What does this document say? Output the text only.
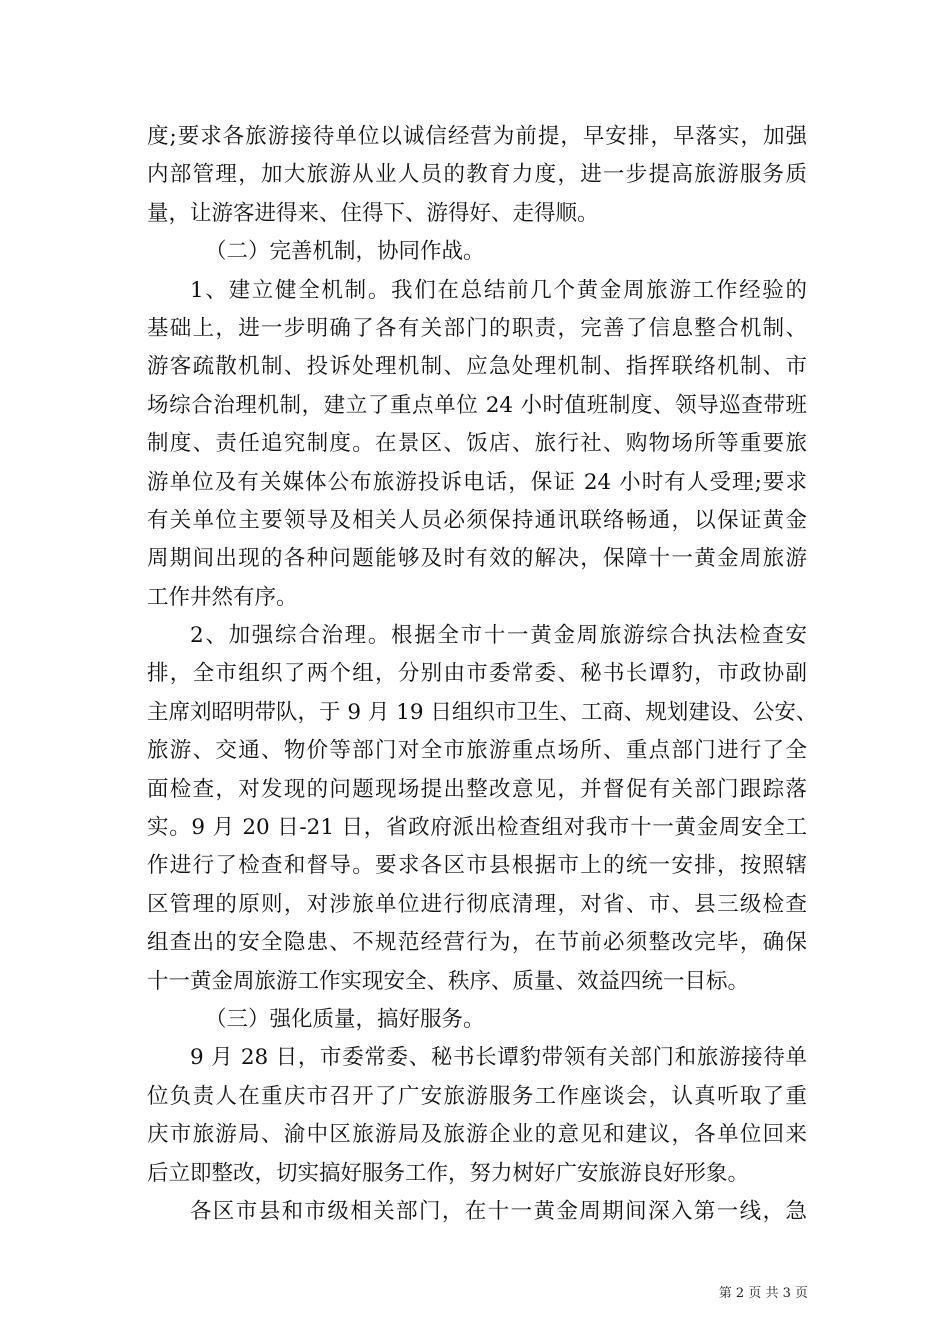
度;要求各旅游接待单位以诚信经营为前提，早安排，早落实，加强
内部管理，加大旅游从业人员的教育力度，进一步提高旅游服务质
量，让游客进得来、住得下、游得好、走得顺。
（二）完善机制，协同作战。
1、建立健全机制。我们在总结前几个黄金周旅游工作经验的
基础上，进一步明确了各有关部门的职责，完善了信息整合机制、
游客疏散机制、投诉处理机制、应急处理机制、指挥联络机制、市
场综合治理机制，建立了重点单位 24 小时值班制度、领导巡查带班
制度、责任追究制度。在景区、饭店、旅行社、购物场所等重要旅
游单位及有关媒体公布旅游投诉电话，保证 24 小时有人受理;要求
有关单位主要领导及相关人员必须保持通讯联络畅通，以保证黄金
周期间出现的各种问题能够及时有效的解决，保障十一黄金周旅游
工作井然有序。
2、加强综合治理。根据全市十一黄金周旅游综合执法检查安
排，全市组织了两个组，分别由市委常委、秘书长谭豹，市政协副
主席刘昭明带队，于 9 月 19 日组织市卫生、工商、规划建设、公安、
旅游、交通、物价等部门对全市旅游重点场所、重点部门进行了全
面检查，对发现的问题现场提出整改意见，并督促有关部门跟踪落
实。9 月 20 日-21 日，省政府派出检查组对我市十一黄金周安全工
作进行了检查和督导。要求各区市县根据市上的统一安排，按照辖
区管理的原则，对涉旅单位进行彻底清理，对省、市、县三级检查
组查出的安全隐患、不规范经营行为，在节前必须整改完毕，确保
十一黄金周旅游工作实现安全、秩序、质量、效益四统一目标。
（三）强化质量，搞好服务。
9 月 28 日，市委常委、秘书长谭豹带领有关部门和旅游接待单
位负责人在重庆市召开了广安旅游服务工作座谈会，认真听取了重
庆市旅游局、渝中区旅游局及旅游企业的意见和建议，各单位回来
后立即整改，切实搞好服务工作，努力树好广安旅游良好形象。
各区市县和市级相关部门，在十一黄金周期间深入第一线，急
第 2 页 共 3 页
